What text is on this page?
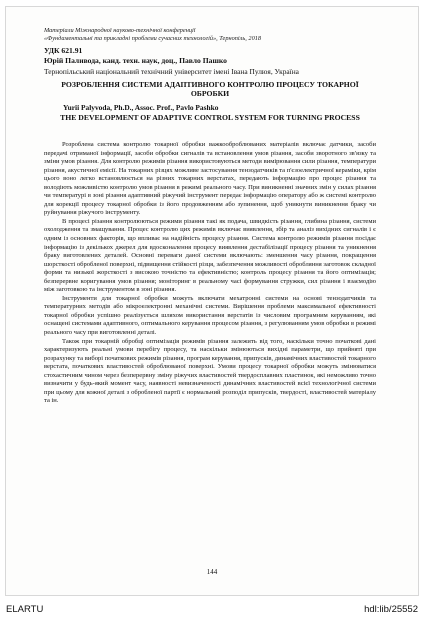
Матеріали Міжнародної науково-технічної конференції
«Фундаментальні та прикладні проблеми сучасних технологій», Тернопіль, 2018
УДК 621.91
Юрій Паливода, канд. техн. наук, доц., Павло Пашко
Тернопільський національний технічний університет імені Івана Пулюя, Україна
РОЗРОБЛЕННЯ СИСТЕМИ АДАПТИВНОГО КОНТРОЛЮ ПРОЦЕСУ ТОКАРНОЇ ОБРОБКИ
Yurii Palyvoda, Ph.D., Assoc. Prof., Pavlo Pashko
THE DEVELOPMENT OF ADAPTIVE CONTROL SYSTEM FOR TURNING PROCESS

Розроблена система контролю токарної обробки важкооброблюваних матеріалів включає датчики, засоби передачі отриманої інформації, засоби обробки сигналів та встановлення умов різання, засоби зворотного зв'язку та зміни умов різання. Для контролю режимів різання використовуються методи вимірювання сили різання, температури різання, акустичної емісії. На токарних різцях можливе застосування тензодатчиків та п'єзоелектричної кераміки, крім цього воно легко встановлюється на різних токарних верстатах, передають інформацію про процес різання та володіють можливістю контролю умов різання в режимі реального часу. При виникненні значних змін у силах різання чи температурі в зоні різання адаптивний ріжучий інструмент передає інформацію оператору або ж системі контролю для корекції процесу токарної обробки із його продовженням або зупинення, щоб уникнути виникнення браку чи руйнування ріжучого інструменту.

В процесі різання контролюються режими різання такі як подача, швидкість різання, глибина різання, системи охолодження та змащування. Процес контролю цих режимів включає виявлення, збір та аналіз вихідних сигналів і є одним із основних факторів, що впливає на надійність процесу різання. Система контролю режимів різання посідає інформацію із декількох джерел для вдосконалення процесу виявлення дестабілізації процесу різання та уникнення браку виготовлених деталей. Основні переваги даної системи включають: зменшення часу різання, покращення шорсткості обробленої поверхні, підвищення стійкості різця, забезпечення можливості обробляння заготовок складної форми та низької жорсткості з високою точністю та ефективністю; контроль процесу різання та його оптимізація; безперервне коригування умов різання; моніторинг в реальному часі формування стружки, сил різання і взаємодію між заготовкою та інструментом в зоні різання.

Інструменти для токарної обробки можуть включати мехатронні системи на основі тензодатчиків та температурних методів або мікроелектронні механічні системи. Вирішення проблеми максимальної ефективності токарної обробки успішно реалізується шляхом використання верстатів із числовим програмним керуванням, які оснащені системами адаптивного, оптимального керування процесом різання, з регулюванням умов обробки в режимі реального часу при виготовленні деталі.

Також при токарній обробці оптимізація режимів різання залежить від того, наскільки точно початкові дані характеризують реальні умови перебігу процесу, та наскільки змінюються вихідні параметри, що прийняті при розрахунку та виборі початкових режимів різання, програм керування, припусків, динамічних властивостей токарного верстата, початкових властивостей оброблюваної поверхні. Умови процесу токарної обробки можуть змінюватися стохастичним чином через безперервну зміну ріжучих властивостей твердосплавних пластинок, які неможливо точно визначити у будь-який момент часу, наявності невизначеності динамічних властивостей всієї технологічної системи при цьому для кожної деталі з обробленої партії є нормальний розподіл припусків, твердості, властивостей матеріалу та ін.

144
ELARTU	hdl:lib/25552
